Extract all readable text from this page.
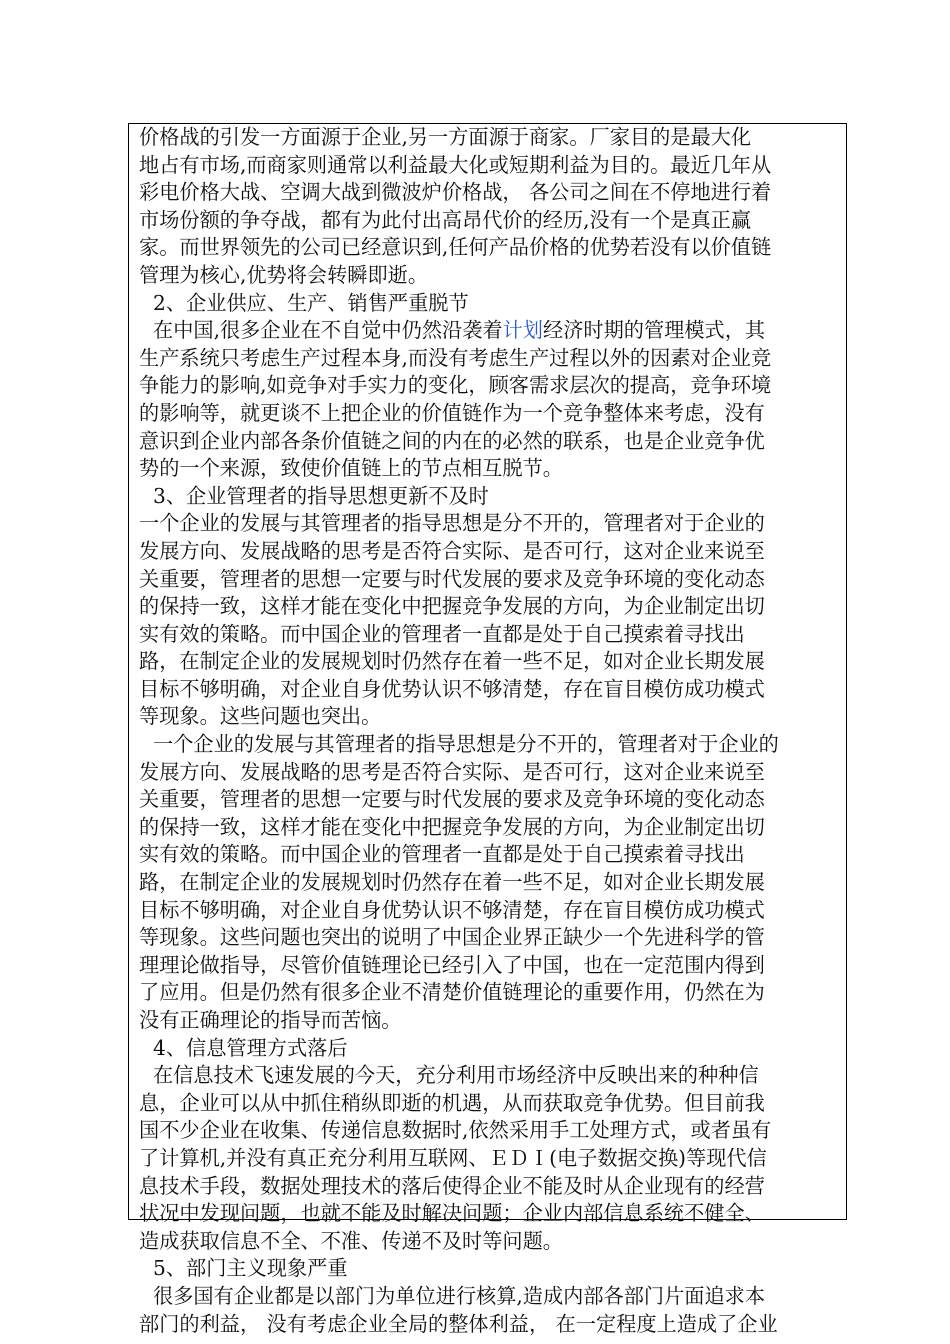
价格战的引发一方面源于企业,另一方面源于商家。厂家目的是最大化
地占有市场,而商家则通常以利益最大化或短期利益为目的。最近几年从
彩电价格大战、空调大战到微波炉价格战， 各公司之间在不停地进行着
市场份额的争夺战，都有为此付出高昂代价的经历,没有一个是真正赢
家。而世界领先的公司已经意识到,任何产品价格的优势若没有以价值链
管理为核心,优势将会转瞬即逝。
2、企业供应、生产、销售严重脱节
在中国,很多企业在不自觉中仍然沿袭着计划经济时期的管理模式，其
生产系统只考虑生产过程本身,而没有考虑生产过程以外的因素对企业竞
争能力的影响,如竞争对手实力的变化，顾客需求层次的提高，竞争环境
的影响等，就更谈不上把企业的价值链作为一个竞争整体来考虑，没有
意识到企业内部各条价值链之间的内在的必然的联系，也是企业竞争优
势的一个来源，致使价值链上的节点相互脱节。
3、企业管理者的指导思想更新不及时
一个企业的发展与其管理者的指导思想是分不开的，管理者对于企业的
发展方向、发展战略的思考是否符合实际、是否可行，这对企业来说至
关重要，管理者的思想一定要与时代发展的要求及竞争环境的变化动态
的保持一致，这样才能在变化中把握竞争发展的方向，为企业制定出切
实有效的策略。而中国企业的管理者一直都是处于自己摸索着寻找出
路，在制定企业的发展规划时仍然存在着一些不足，如对企业长期发展
目标不够明确，对企业自身优势认识不够清楚，存在盲目模仿成功模式
等现象。这些问题也突出。
一个企业的发展与其管理者的指导思想是分不开的，管理者对于企业的
发展方向、发展战略的思考是否符合实际、是否可行，这对企业来说至
关重要，管理者的思想一定要与时代发展的要求及竞争环境的变化动态
的保持一致，这样才能在变化中把握竞争发展的方向，为企业制定出切
实有效的策略。而中国企业的管理者一直都是处于自己摸索着寻找出
路，在制定企业的发展规划时仍然存在着一些不足，如对企业长期发展
目标不够明确，对企业自身优势认识不够清楚，存在盲目模仿成功模式
等现象。这些问题也突出的说明了中国企业界正缺少一个先进科学的管
理理论做指导，尽管价值链理论已经引入了中国，也在一定范围内得到
了应用。但是仍然有很多企业不清楚价值链理论的重要作用，仍然在为
没有正确理论的指导而苦恼。
4、信息管理方式落后
在信息技术飞速发展的今天，充分利用市场经济中反映出来的种种信
息，企业可以从中抓住稍纵即逝的机遇，从而获取竞争优势。但目前我
国不少企业在收集、传递信息数据时,依然采用手工处理方式，或者虽有
了计算机,并没有真正充分利用互联网、ＥＤＩ(电子数据交换)等现代信
息技术手段，数据处理技术的落后使得企业不能及时从企业现有的经营
状况中发现问题，也就不能及时解决问题；企业内部信息系统不健全、
造成获取信息不全、不准、传递不及时等问题。
5、部门主义现象严重
很多国有企业都是以部门为单位进行核算,造成内部各部门片面追求本
部门的利益， 没有考虑企业全局的整体利益， 在一定程度上造成了企业
